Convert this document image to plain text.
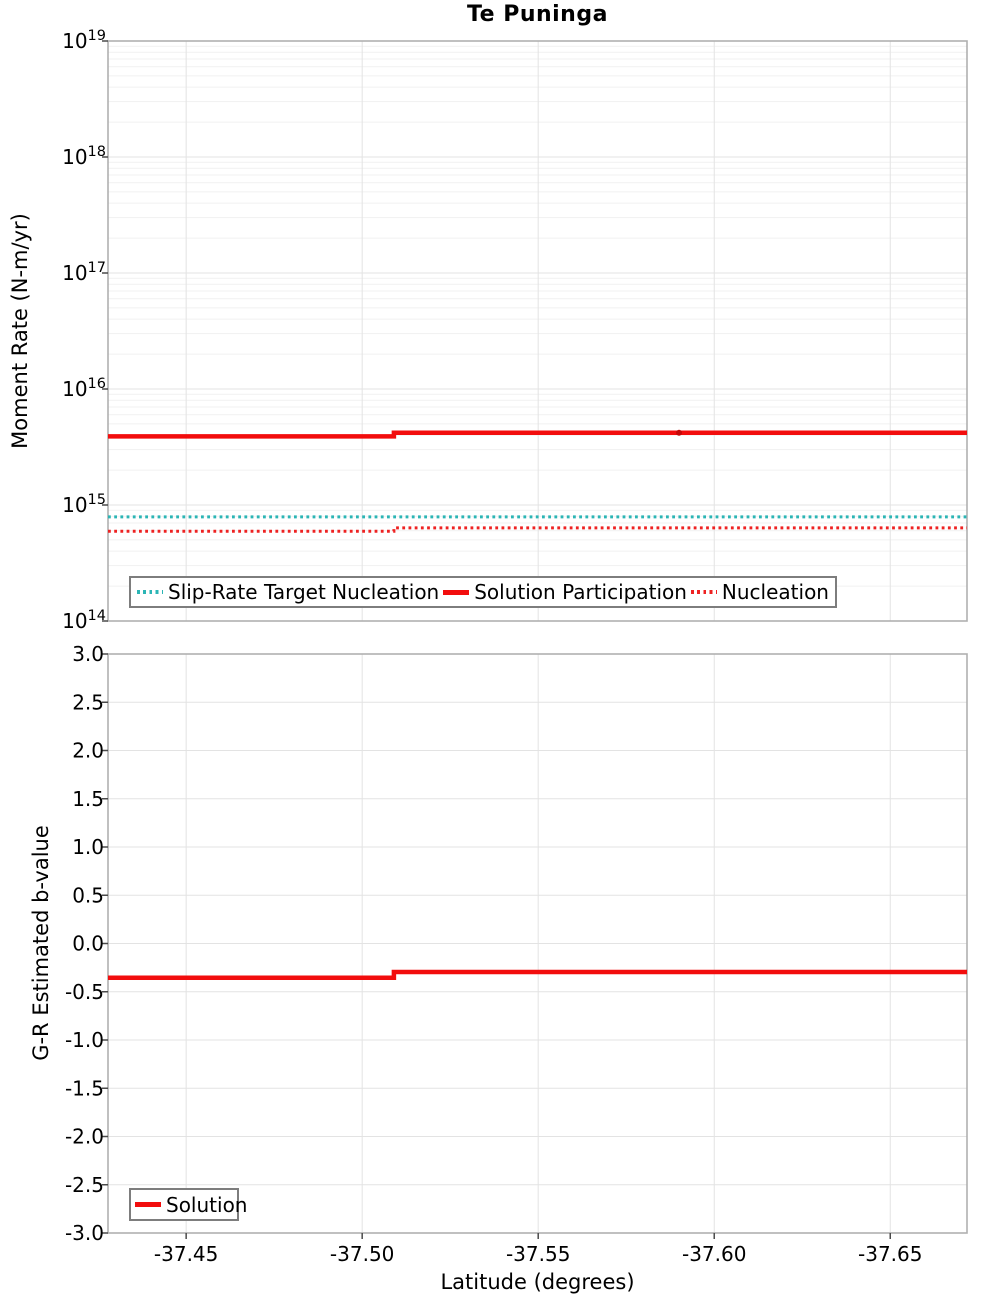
$10^{19}$
$10^{18}$
$10^{17}$
$10^{16}$
$10^{15}$
$10^{14}$
3.0
2.5
2.0
1.5
1.0
0.5
0.0
-0.5
-1.0
-1.5
-2.0
-2.5
-3.0
-37.45	-37.50	-37.55	-37.60	-37.65
Te Puninga
Moment Rate (N-m/yr)
G-R Estimated b-value
Latitude (degrees)
Slip-Rate Target Nucleation Solution Participation Nucleation
Solution
